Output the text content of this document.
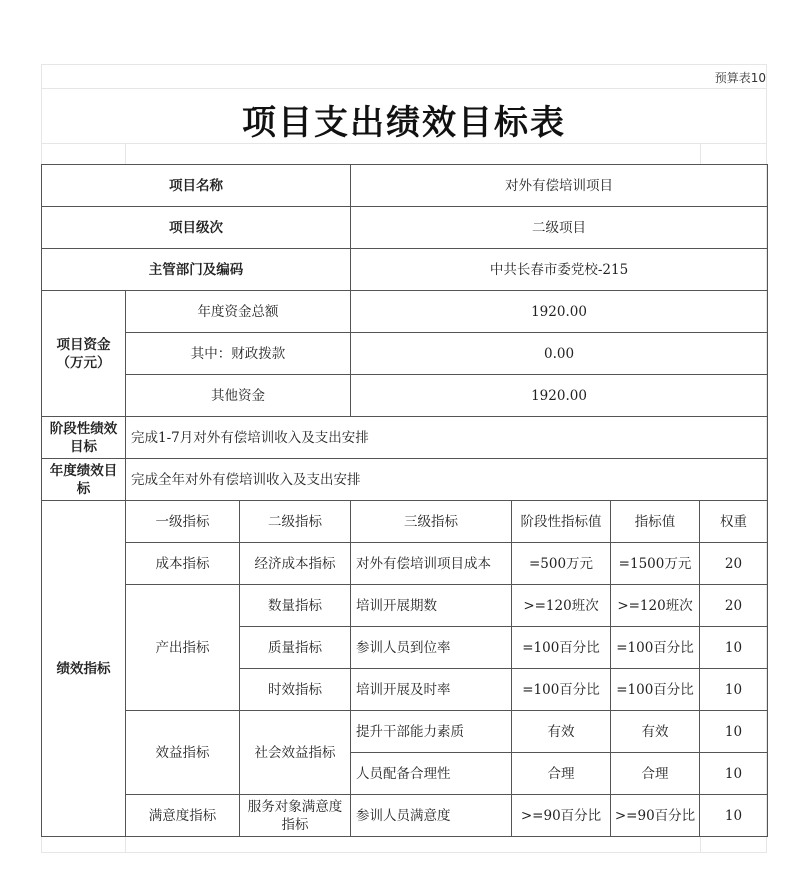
预算表10
项目支出绩效目标表
项目名称			对外有偿培训项目			
项目级次			二级项目			
主管部门及编码			中共长春市委党校-215			
项目资金（万元）	年度资金总额		1920.00			
	其中：财政拨款		0.00			
	其他资金		1920.00			
阶段性绩效目标	完成1-7月对外有偿培训收入及支出安排					
年度绩效目标	完成全年对外有偿培训收入及支出安排					
绩效指标	一级指标	二级指标	三级指标	阶段性指标值	指标值	权重
	成本指标	经济成本指标	对外有偿培训项目成本	=500万元	=1500万元	20
	产出指标	数量指标	培训开展期数	>=120班次	>=120班次	20
		质量指标	参训人员到位率	=100百分比	=100百分比	10
		时效指标	培训开展及时率	=100百分比	=100百分比	10
	效益指标	社会效益指标	提升干部能力素质	有效	有效	10
			人员配备合理性	合理	合理	10
	满意度指标	服务对象满意度指标	参训人员满意度	>=90百分比	>=90百分比	10
